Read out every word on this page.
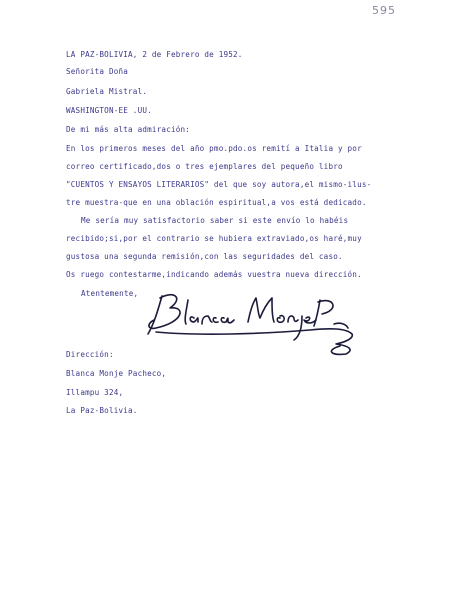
595
LA PAZ-BOLIVIA, 2 de Febrero de 1952.
Señorita Doña
Gabriela Mistral.
WASHINGTON-EE .UU.
De mi más alta admiración:
En los primeros meses del año pmo.pdo.os remití a Italia y por
correo certificado,dos o tres ejemplares del pequeño libro
"CUENTOS Y ENSAYOS LITERARIOS" del que soy autora,el mismo-ilus-
tre muestra-que en una oblación espiritual,a vos está dedicado.
Me sería muy satisfactorio saber si este envío lo habéis
recibido;si,por el contrario se hubiera extraviado,os haré,muy
gustosa una segunda remisión,con las seguridades del caso.
Os ruego contestarme,indicando además vuestra nueva dirección.
Atentemente,
Dirección:
Blanca Monje Pacheco,
Illampu 324,
La Paz-Bolivia.
